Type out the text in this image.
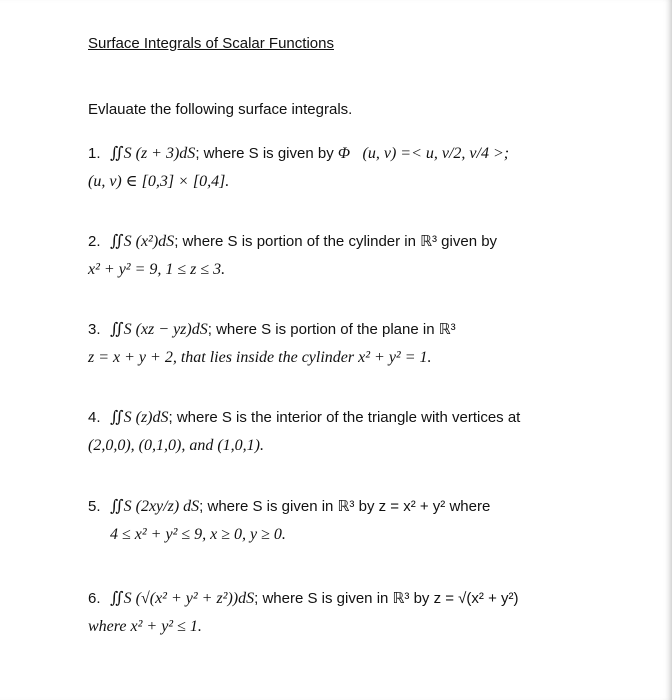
Surface Integrals of Scalar Functions
Evlauate the following surface integrals.
1. ∬S (z + 3)dS; where S is given by Φ⃗(u, v) =< u, v/2, v/4 >;
(u, v) ∈ [0,3] × [0,4].
2. ∬S (x²)dS; where S is portion of the cylinder in ℝ³ given by
x² + y² = 9, 1 ≤ z ≤ 3.
3. ∬S (xz − yz)dS; where S is portion of the plane in ℝ³
z = x + y + 2, that lies inside the cylinder x² + y² = 1.
4. ∬S (z)dS; where S is the interior of the triangle with vertices at
(2,0,0), (0,1,0), and (1,0,1).
5. ∬S (2xy/z) dS; where S is given in ℝ³ by z = x² + y² where
4 ≤ x² + y² ≤ 9, x ≥ 0, y ≥ 0.
6. ∬S (√(x² + y² + z²))dS; where S is given in ℝ³ by z = √(x² + y²)
where x² + y² ≤ 1.
